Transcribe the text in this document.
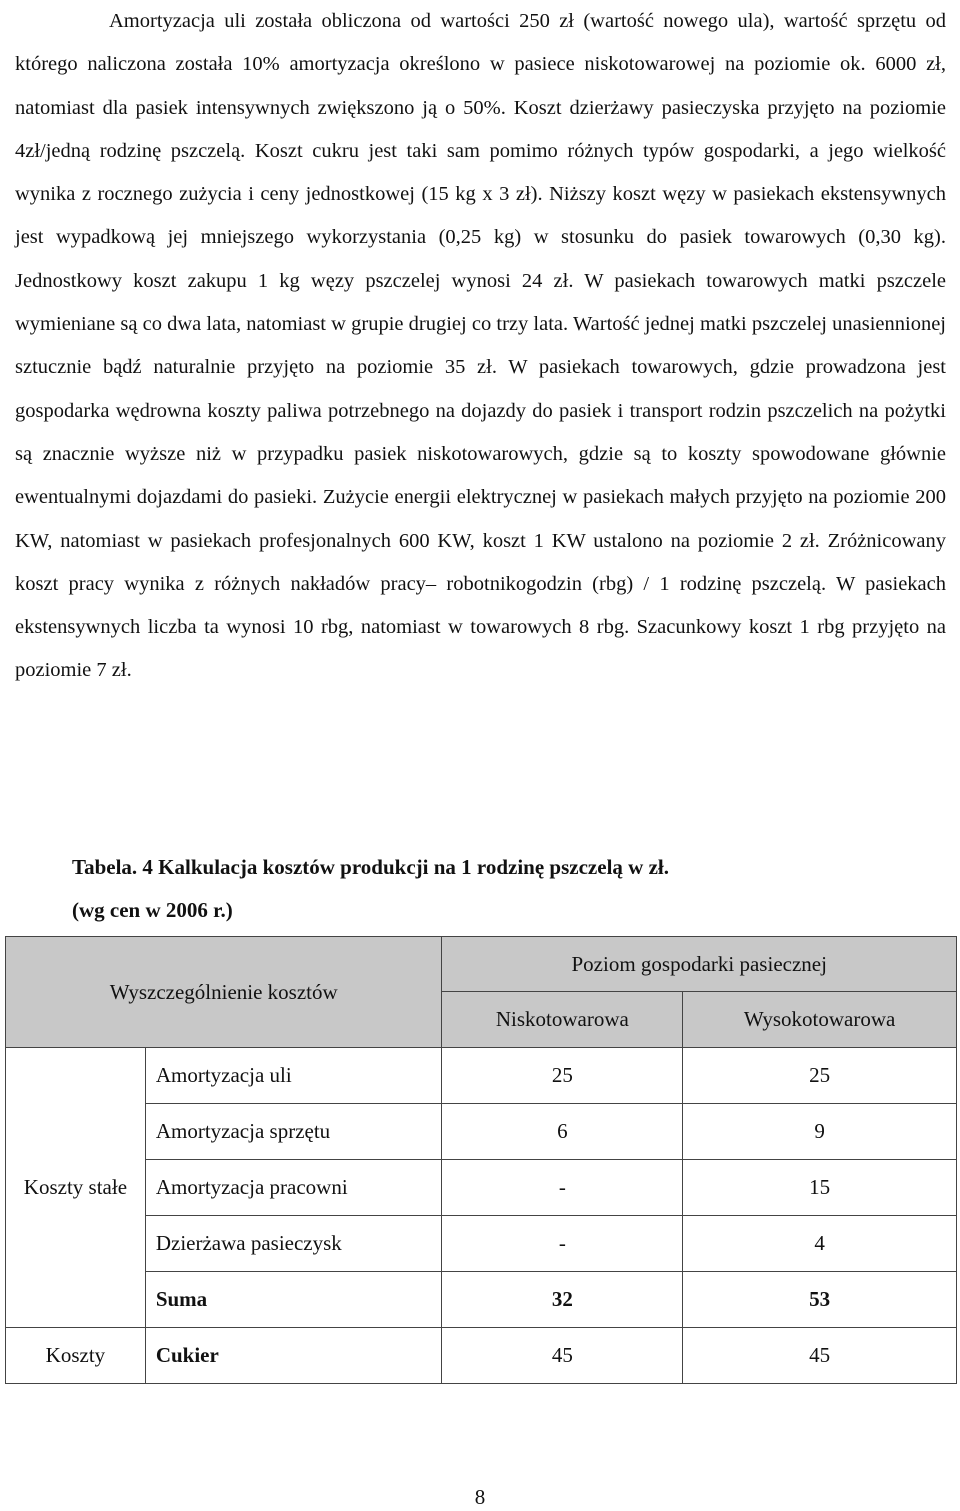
Amortyzacja uli została obliczona od wartości 250 zł (wartość nowego ula), wartość sprzętu od którego naliczona została 10% amortyzacja określono w pasiece niskotowarowej na poziomie ok. 6000 zł, natomiast dla pasiek intensywnych zwiększono ją o 50%. Koszt dzierżawy pasieczyska przyjęto na poziomie 4zł/jedną rodzinę pszczelą. Koszt cukru jest taki sam pomimo różnych typów gospodarki, a jego wielkość wynika z rocznego zużycia i ceny jednostkowej (15 kg x 3 zł). Niższy koszt węzy w pasiekach ekstensywnych jest wypadkową jej mniejszego wykorzystania (0,25 kg) w stosunku do pasiek towarowych (0,30 kg). Jednostkowy koszt zakupu 1 kg węzy pszczelej wynosi 24 zł. W pasiekach towarowych matki pszczele wymieniane są co dwa lata, natomiast w grupie drugiej co trzy lata. Wartość jednej matki pszczelej unasiennionej sztucznie bądź naturalnie przyjęto na poziomie 35 zł. W pasiekach towarowych, gdzie prowadzona jest gospodarka wędrowna koszty paliwa potrzebnego na dojazdy do pasiek i transport rodzin pszczelich na pożytki są znacznie wyższe niż w przypadku pasiek niskotowarowych, gdzie są to koszty spowodowane głównie ewentualnymi dojazdami do pasieki. Zużycie energii elektrycznej w pasiekach małych przyjęto na poziomie 200 KW, natomiast w pasiekach profesjonalnych 600 KW, koszt 1 KW ustalono na poziomie 2 zł. Zróżnicowany koszt pracy wynika z różnych nakładów pracy– robotnikogodzin (rbg) / 1 rodzinę pszczelą. W pasiekach ekstensywnych liczba ta wynosi 10 rbg, natomiast w towarowych 8 rbg. Szacunkowy koszt 1 rbg przyjęto na poziomie 7 zł.

Tabela. 4 Kalkulacja kosztów produkcji na 1 rodzinę pszczelą w zł.

(wg cen w 2006 r.)

Wyszczególnienie kosztów		Poziom gospodarki pasiecznej	
		Niskotowarowa	Wysokotowarowa
Koszty stałe	Amortyzacja uli	25	25
	Amortyzacja sprzętu	6	9
	Amortyzacja pracowni	-	15
	Dzierżawa pasieczysk	-	4
	Suma	32	53
Koszty	Cukier	45	45
8
